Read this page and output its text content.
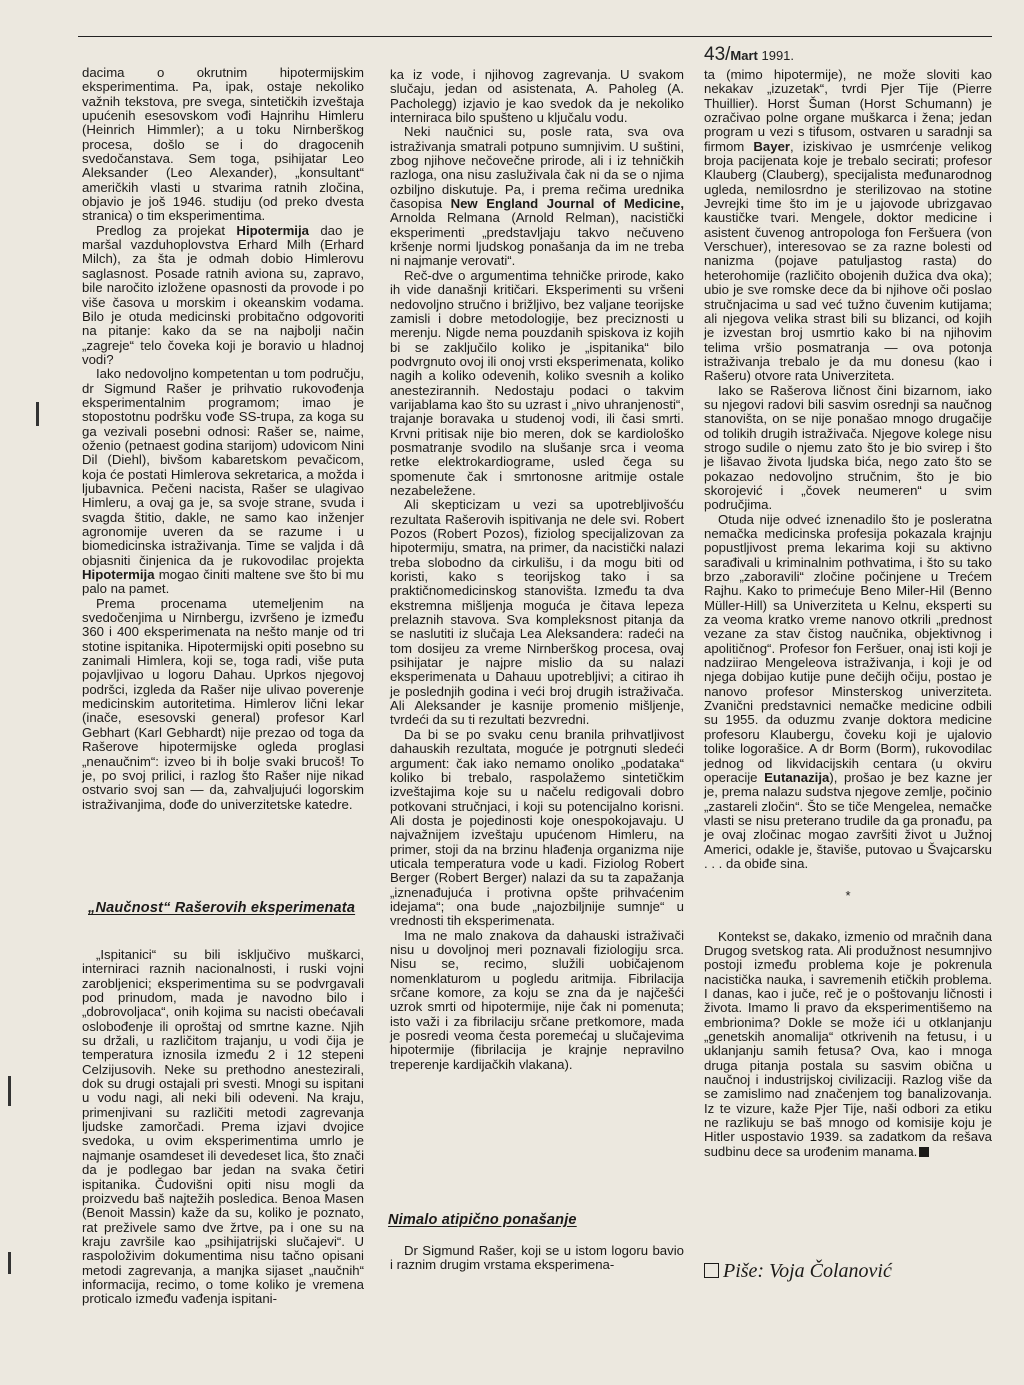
43/Mart 1991.

dacima o okrutnim hipotermijskim eksperimentima. Pa, ipak, ostaje nekoliko važnih tekstova, pre svega, sintetičkih izveštaja upućenih esesovskom vođi Hajnrihu Himleru (Heinrich Himmler); a u toku Nirnberškog procesa, došlo se i do dragocenih svedočanstava. Sem toga, psihijatar Leo Aleksander (Leo Alexander), „konsultant“ američkih vlasti u stvarima ratnih zločina, objavio je još 1946. studiju (od preko dvesta stranica) o tim eksperimentima.

Predlog za projekat Hipotermija dao je maršal vazduhoplovstva Erhard Milh (Erhard Milch), za šta je odmah dobio Himlerovu saglasnost. Posade ratnih aviona su, zapravo, bile naročito izložene opasnosti da provode i po više časova u morskim i okeanskim vodama. Bilo je otuda medicinski probitačno odgovoriti na pitanje: kako da se na najbolji način „zagreje“ telo čoveka koji je boravio u hladnoj vodi?

Iako nedovoljno kompetentan u tom području, dr Sigmund Rašer je prihvatio rukovođenja eksperimentalnim programom; imao je stopostotnu podršku vođe SS-trupa, za koga su ga vezivali posebni odnosi: Rašer se, naime, oženio (petnaest godina starijom) udovicom Nini Dil (Diehl), bivšom kabaretskom pevačicom, koja će postati Himlerova sekretarica, a možda i ljubavnica. Pečeni nacista, Rašer se ulagivao Himleru, a ovaj ga je, sa svoje strane, svuda i svagda štitio, dakle, ne samo kao inženjer agronomije uveren da se razume i u biomedicinska istraživanja. Time se valjda i dâ objasniti činjenica da je rukovodilac projekta Hipotermija mogao činiti maltene sve što bi mu palo na pamet.

Prema procenama utemeljenim na svedočenjima u Nirnbergu, izvršeno je između 360 i 400 eksperimenata na nešto manje od tri stotine ispitanika. Hipotermijski opiti posebno su zanimali Himlera, koji se, toga radi, više puta pojavljivao u logoru Dahau. Uprkos njegovoj podršci, izgleda da Rašer nije ulivao poverenje medicinskim autoritetima. Himlerov lični lekar (inače, esesovski general) profesor Karl Gebhart (Karl Gebhardt) nije prezao od toga da Rašerove hipotermijske ogleda proglasi „nenaučnim“: izveo bi ih bolje svaki brucoš! To je, po svoj prilici, i razlog što Rašer nije nikad ostvario svoj san — da, zahvaljujući logorskim istraživanjima, dođe do univerzitetske katedre.

„Naučnost“ Rašerovih eksperimenata

„Ispitanici“ su bili isključivo muškarci, interniraci raznih nacionalnosti, i ruski vojni zarobljenici; eksperimentima su se podvrgavali pod prinudom, mada je navodno bilo i „dobrovoljaca“, onih kojima su nacisti obećavali oslobođenje ili oproštaj od smrtne kazne. Njih su držali, u različitom trajanju, u vodi čija je temperatura iznosila između 2 i 12 stepeni Celzijusovih. Neke su prethodno anestezirali, dok su drugi ostajali pri svesti. Mnogi su ispitani u vodu nagi, ali neki bili odeveni. Na kraju, primenjivani su različiti metodi zagrevanja ljudske zamorčadi. Prema izjavi dvojice svedoka, u ovim eksperimentima umrlo je najmanje osamdeset ili devedeset lica, što znači da je podlegao bar jedan na svaka četiri ispitanika. Čudovišni opiti nisu mogli da proizvedu baš najtežih posledica. Benoa Masen (Benoit Massin) kaže da su, koliko je poznato, rat preživele samo dve žrtve, pa i one su na kraju završile kao „psihijatrijski slučajevi“. U raspoloživim dokumentima nisu tačno opisani metodi zagrevanja, a manjka sijaset „naučnih“ informacija, recimo, o tome koliko je vremena proticalo između vađenja ispitani-

ka iz vode, i njihovog zagrevanja. U svakom slučaju, jedan od asistenata, A. Paholeg (A. Pacholegg) izjavio je kao svedok da je nekoliko interniraca bilo spušteno u ključalu vodu.

Neki naučnici su, posle rata, sva ova istraživanja smatrali potpuno sumnjivim. U suštini, zbog njihove nečovečne prirode, ali i iz tehničkih razloga, ona nisu zasluživala čak ni da se o njima ozbiljno diskutuje. Pa, i prema rečima urednika časopisa New England Journal of Medicine, Arnolda Relmana (Arnold Relman), nacistički eksperimenti „predstavljaju takvo nečuveno kršenje normi ljudskog ponašanja da im ne treba ni najmanje verovati“.

Reč-dve o argumentima tehničke prirode, kako ih vide današnji kritičari. Eksperimenti su vršeni nedovoljno stručno i brižljivo, bez valjane teorijske zamisli i dobre metodologije, bez preciznosti u merenju. Nigde nema pouzdanih spiskova iz kojih bi se zaključilo koliko je „ispitanika“ bilo podvrgnuto ovoj ili onoj vrsti eksperimenata, koliko nagih a koliko odevenih, koliko svesnih a koliko anestezirannih. Nedostaju podaci o takvim varijablama kao što su uzrast i „nivo uhranjenosti“, trajanje boravaka u studenoj vodi, ili časi smrti. Krvni pritisak nije bio meren, dok se kardiološko posmatranje svodilo na slušanje srca i veoma retke elektrokardiograme, usled čega su spomenute čak i smrtonosne aritmije ostale nezabeležene.

Ali skepticizam u vezi sa upotrebljivošću rezultata Rašerovih ispitivanja ne dele svi. Robert Pozos (Robert Pozos), fiziolog specijalizovan za hipotermiju, smatra, na primer, da nacistički nalazi treba slobodno da cirkulišu, i da mogu biti od koristi, kako s teorijskog tako i sa praktičnomedicinskog stanovišta. Između ta dva ekstremna mišljenja moguća je čitava lepeza prelaznih stavova. Sva kompleksnost pitanja da se naslutiti iz slučaja Lea Aleksandera: radeći na tom dosijeu za vreme Nirnberškog procesa, ovaj psihijatar je najpre mislio da su nalazi eksperimenata u Dahauu upotrebljivi; a citirao ih je poslednjih godina i veći broj drugih istraživača. Ali Aleksander je kasnije promenio mišljenje, tvrdeći da su ti rezultati bezvredni.

Da bi se po svaku cenu branila prihvatljivost dahauskih rezultata, moguće je potrgnuti sledeći argument: čak iako nemamo onoliko „podataka“ koliko bi trebalo, raspolažemo sintetičkim izveštajima koje su u načelu redigovali dobro potkovani stručnjaci, i koji su potencijalno korisni. Ali dosta je pojedinosti koje onespokojavaju. U najvažnijem izveštaju upućenom Himleru, na primer, stoji da na brzinu hlađenja organizma nije uticala temperatura vode u kadi. Fiziolog Robert Berger (Robert Berger) nalazi da su ta zapažanja „iznenađujuća i protivna opšte prihvaćenim idejama“; ona bude „najozbiljnije sumnje“ u vrednosti tih eksperimenata.

Ima ne malo znakova da dahauski istraživači nisu u dovoljnoj meri poznavali fiziologiju srca. Nisu se, recimo, služili uobičajenom nomenklaturom u pogledu aritmija. Fibrilacija srčane komore, za koju se zna da je najčešći uzrok smrti od hipotermije, nije čak ni pomenuta; isto važi i za fibrilaciju srčane pretkomore, mada je posredi veoma česta poremećaj u slučajevima hipotermije (fibrilacija je krajnje nepravilno treperenje kardijačkih vlakana).

Nimalo atipično ponašanje

Dr Sigmund Rašer, koji se u istom logoru bavio i raznim drugim vrstama eksperimena-

ta (mimo hipotermije), ne može sloviti kao nekakav „izuzetak“, tvrdi Pjer Tije (Pierre Thuillier). Horst Šuman (Horst Schumann) je ozračivao polne organe muškarca i žena; jedan program u vezi s tifusom, ostvaren u saradnji sa firmom Bayer, iziskivao je usmrćenje velikog broja pacijenata koje je trebalo secirati; profesor Klauberg (Clauberg), specijalista međunarodnog ugleda, nemilosrdno je sterilizovao na stotine Jevrejki time što im je u jajovode ubrizgavao kaustičke tvari. Mengele, doktor medicine i asistent čuvenog antropologa fon Feršuera (von Verschuer), interesovao se za razne bolesti od nanizma (pojave patuljastog rasta) do heterohomije (različito obojenih dužica dva oka); ubio je sve romske dece da bi njihove oči poslao stručnjacima u sad već tužno čuvenim kutijama; ali njegova velika strast bili su blizanci, od kojih je izvestan broj usmrtio kako bi na njihovim telima vršio posmatranja — ova potonja istraživanja trebalo je da mu donesu (kao i Rašeru) otvore rata Univerziteta.

Iako se Rašerova ličnost čini bizarnom, iako su njegovi radovi bili sasvim osrednji sa naučnog stanovišta, on se nije ponašao mnogo drugačije od tolikih drugih istraživača. Njegove kolege nisu strogo sudile o njemu zato što je bio svirep i što je lišavao života ljudska bića, nego zato što se pokazao nedovoljno stručnim, što je bio skorojević i „čovek neumeren“ u svim područjima.

Otuda nije odveć iznenadilo što je posleratna nemačka medicinska profesija pokazala krajnju popustljivost prema lekarima koji su aktivno sarađivali u kriminalnim pothvatima, i što su tako brzo „zaboravili“ zločine počinjene u Trećem Rajhu. Kako to primećuje Beno Miler-Hil (Benno Müller-Hill) sa Univerziteta u Kelnu, eksperti su za veoma kratko vreme nanovo otkrili „prednost vezane za stav čistog naučnika, objektivnog i apolitičnog“. Profesor fon Feršuer, onaj isti koji je nadziirao Mengeleova istraživanja, i koji je od njega dobijao kutije pune dečijh očiju, postao je nanovo profesor Minsterskog univerziteta. Zvanični predstavnici nemačke medicine odbili su 1955. da oduzmu zvanje doktora medicine profesoru Klaubergu, čoveku koji je ujalovio tolike logorašice. A dr Borm (Borm), rukovodilac jednog od likvidacijskih centara (u okviru operacije Eutanazija), prošao je bez kazne jer je, prema nalazu sudstva njegove zemlje, počinio „zastareli zločin“. Što se tiče Mengelea, nemačke vlasti se nisu preterano trudile da ga pronađu, pa je ovaj zločinac mogao završiti život u Južnoj Americi, odakle je, štaviše, putovao u Švajcarsku . . . da obiđe sina.

*

Kontekst se, dakako, izmenio od mračnih dana Drugog svetskog rata. Ali produžnost nesumnjivo postoji između problema koje je pokrenula nacistička nauka, i savremenih etičkih problema. I danas, kao i juče, reč je o poštovanju ličnosti i života. Imamo li pravo da eksperimentišemo na embrionima? Dokle se može ići u otklanjanju „genetskih anomalija“ otkrivenih na fetusu, i u uklanjanju samih fetusa? Ova, kao i mnoga druga pitanja postala su sasvim obična u naučnoj i industrijskoj civilizaciji. Razlog više da se zamislimo nad značenjem tog banalizovanja. Iz te vizure, kaže Pjer Tije, naši odbori za etiku ne razlikuju se baš mnogo od komisije koju je Hitler uspostavio 1939. sa zadatkom da rešava sudbinu dece sa urođenim manama.

Piše: Voja Čolanović
